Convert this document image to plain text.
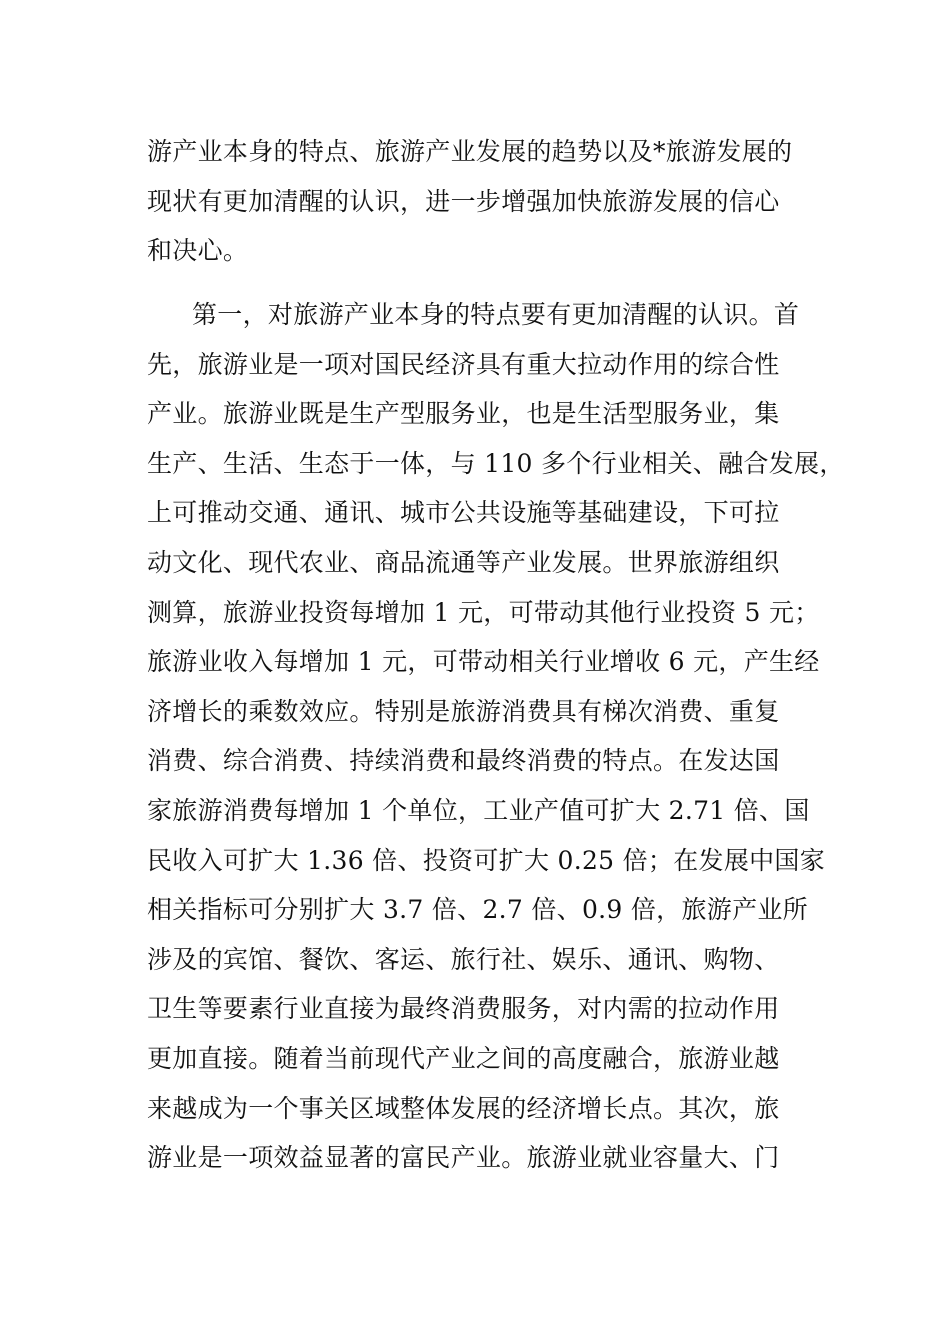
游产业本身的特点、旅游产业发展的趋势以及*旅游发展的
现状有更加清醒的认识，进一步增强加快旅游发展的信心
和决心。
第一，对旅游产业本身的特点要有更加清醒的认识。首
先，旅游业是一项对国民经济具有重大拉动作用的综合性
产业。旅游业既是生产型服务业，也是生活型服务业，集
生产、生活、生态于一体，与 110 多个行业相关、融合发展，
上可推动交通、通讯、城市公共设施等基础建设，下可拉
动文化、现代农业、商品流通等产业发展。世界旅游组织
测算，旅游业投资每增加 1 元，可带动其他行业投资 5 元；
旅游业收入每增加 1 元，可带动相关行业增收 6 元，产生经
济增长的乘数效应。特别是旅游消费具有梯次消费、重复
消费、综合消费、持续消费和最终消费的特点。在发达国
家旅游消费每增加 1 个单位，工业产值可扩大 2.71 倍、国
民收入可扩大 1.36 倍、投资可扩大 0.25 倍；在发展中国家
相关指标可分别扩大 3.7 倍、2.7 倍、0.9 倍，旅游产业所
涉及的宾馆、餐饮、客运、旅行社、娱乐、通讯、购物、
卫生等要素行业直接为最终消费服务，对内需的拉动作用
更加直接。随着当前现代产业之间的高度融合，旅游业越
来越成为一个事关区域整体发展的经济增长点。其次，旅
游业是一项效益显著的富民产业。旅游业就业容量大、门
